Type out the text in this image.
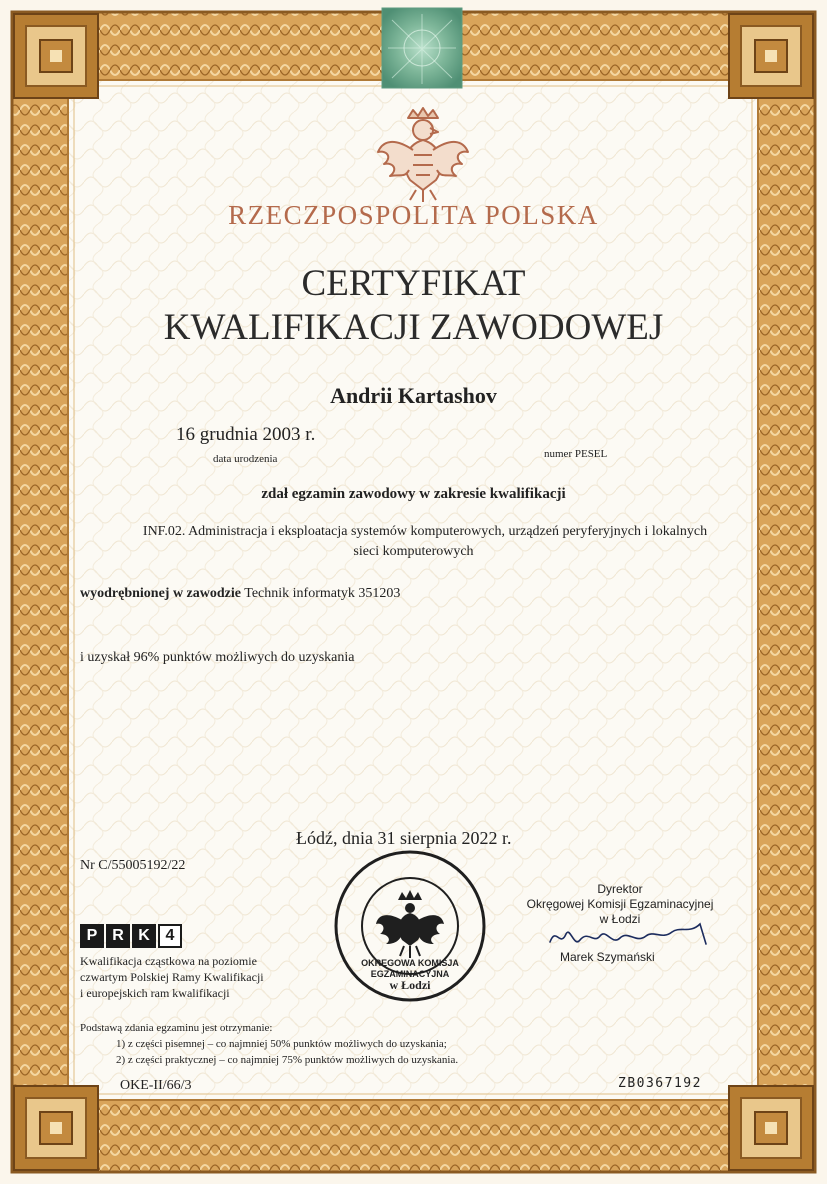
RZECZPOSPOLITA POLSKA

CERTYFIKAT

KWALIFIKACJI ZAWODOWEJ

Andrii Kartashov

16 grudnia 2003 r.

data urodzenia	numer PESEL

zdał egzamin zawodowy w zakresie kwalifikacji

INF.02. Administracja i eksploatacja systemów komputerowych, urządzeń peryferyjnych i lokalnych

sieci komputerowych

wyodrębnionej w zawodzie Technik informatyk 351203

i uzyskał 96% punktów możliwych do uzyskania

Łódź, dnia 31 sierpnia 2022 r.

Nr C/55005192/22

P R K 4

Kwalifikacja cząstkowa na poziomie

czwartym Polskiej Ramy Kwalifikacji

i europejskich ram kwalifikacji

OKRĘGOWA KOMISJA EGZAMINACYJNA

w Łodzi

Dyrektor

Okręgowej Komisji Egzaminacyjnej

w Łodzi

Marek Szymański

Podstawą zdania egzaminu jest otrzymanie:

1) z części pisemnej – co najmniej 50% punktów możliwych do uzyskania;

2) z części praktycznej – co najmniej 75% punktów możliwych do uzyskania.

OKE-II/66/3	ZB0367192
